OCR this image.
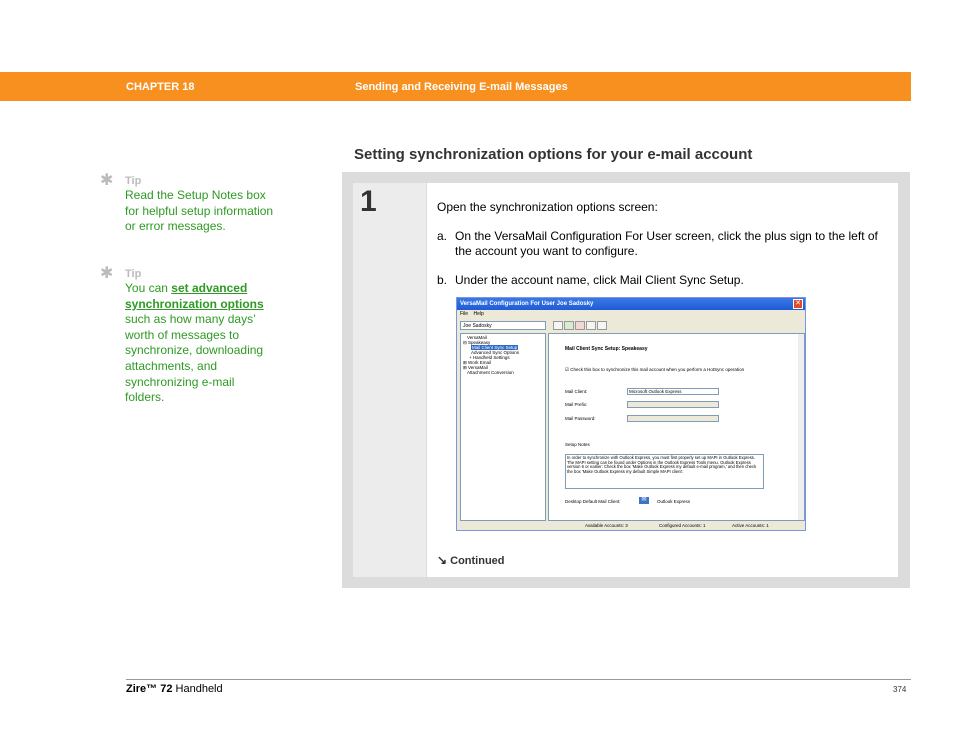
CHAPTER 18	Sending and Receiving E-mail Messages
Setting synchronization options for your e-mail account
✱ Tip
Read the Setup Notes box for helpful setup information or error messages.
✱ Tip
You can set advanced synchronization options such as how many days’ worth of messages to synchronize, downloading attachments, and synchronizing e-mail folders.
1	Open the synchronization options screen:
a. On the VersaMail Configuration For User screen, click the plus sign to the left of the account you want to configure.
b. Under the account name, click Mail Client Sync Setup.
VersaMail Configuration For User Joe Sadosky	✕
File Help
Joe Sadosky
VersaMail
⊟ Speakeasy
Mail Client Sync Setup
Advanced Sync Options
+ Handheld Settings
⊞ Work Email
⊞ VersaMail
Attachment Conversion
Mail Client Sync Setup: Speakeasy
☑ Check this box to synchronize this mail account when you perform a HotSync operation
Mail Client:	Microsoft Outlook Express
Mail Prefix:
Mail Password:
Setup Notes
In order to synchronize with Outlook Express, you must first properly set up MAPI in Outlook Express. The MAPI setting can be found under Options in the Outlook Express Tools menu. Outlook Express version 6 or earlier: Check the box 'Make Outlook Express my default e-mail program,' and then check the box 'Make Outlook Express my default Simple MAPI client'.
Desktop Default Mail Client:	✉	Outlook Express
Available Accounts: 3	Configured Accounts: 1	Active Accounts: 1
↘ Continued
Zire™ 72 Handheld	374
